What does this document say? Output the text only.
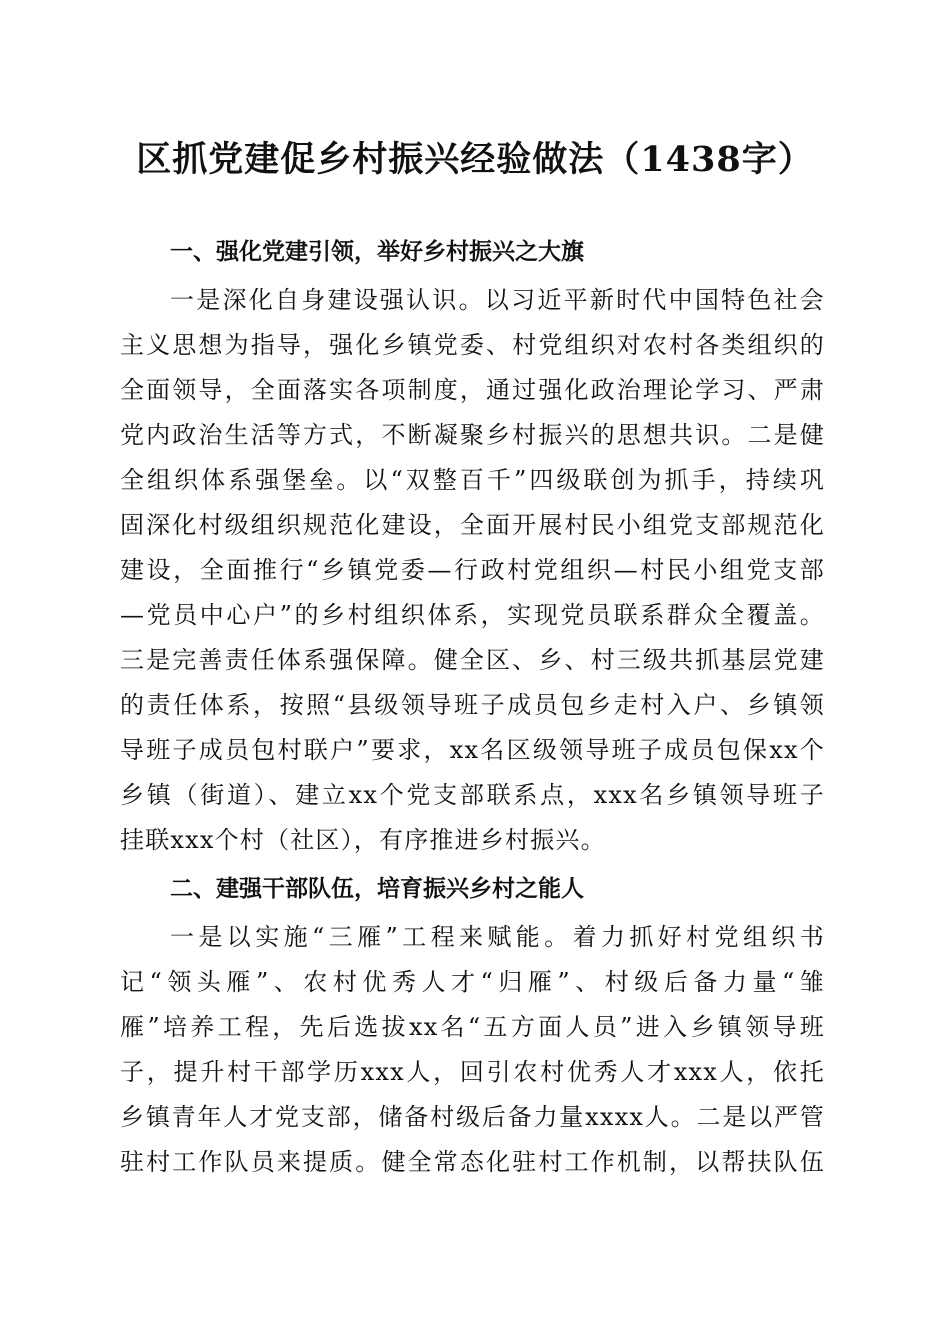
区抓党建促乡村振兴经验做法（1438字）

一、强化党建引领，举好乡村振兴之大旗

一是深化自身建设强认识。以习近平新时代中国特色社会

主义思想为指导，强化乡镇党委、村党组织对农村各类组织的

全面领导，全面落实各项制度，通过强化政治理论学习、严肃

党内政治生活等方式，不断凝聚乡村振兴的思想共识。二是健

全组织体系强堡垒。以“双整百千”四级联创为抓手，持续巩

固深化村级组织规范化建设，全面开展村民小组党支部规范化

建设，全面推行“乡镇党委—行政村党组织—村民小组党支部

—党员中心户”的乡村组织体系，实现党员联系群众全覆盖。

三是完善责任体系强保障。健全区、乡、村三级共抓基层党建

的责任体系，按照“县级领导班子成员包乡走村入户、乡镇领

导班子成员包村联户”要求，xx名区级领导班子成员包保xx个

乡镇（街道）、建立xx个党支部联系点，xxx名乡镇领导班子

挂联xxx个村（社区），有序推进乡村振兴。

二、建强干部队伍，培育振兴乡村之能人

一是以实施“三雁”工程来赋能。着力抓好村党组织书

记“领头雁”、农村优秀人才“归雁”、村级后备力量“雏

雁”培养工程，先后选拔xx名“五方面人员”进入乡镇领导班

子，提升村干部学历xxx人，回引农村优秀人才xxx人，依托

乡镇青年人才党支部，储备村级后备力量xxxx人。二是以严管

驻村工作队员来提质。健全常态化驻村工作机制，以帮扶队伍
